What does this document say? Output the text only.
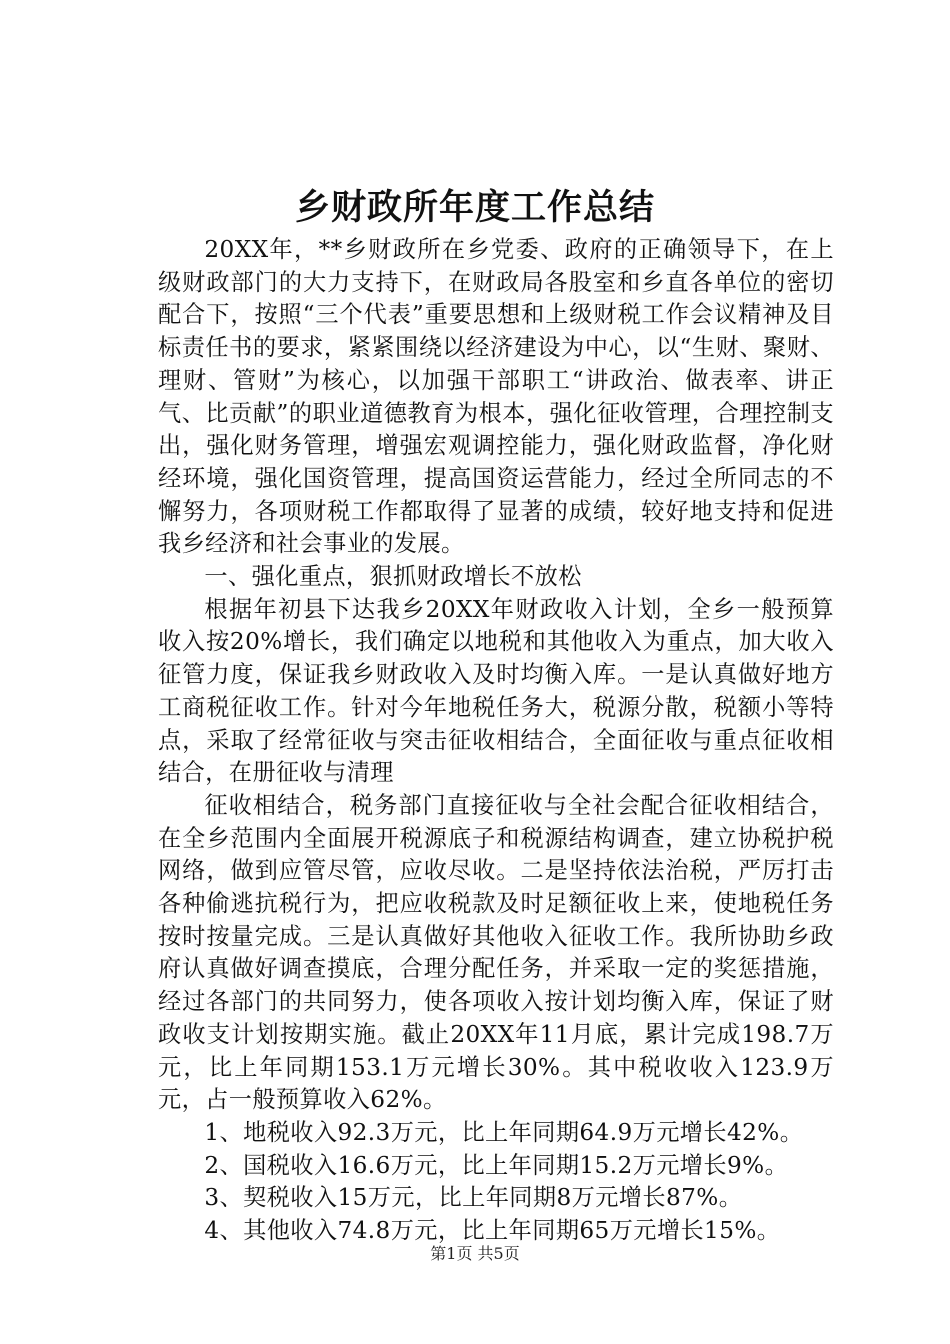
乡财政所年度工作总结

20XX年，**乡财政所在乡党委、政府的正确领导下，在上级财政部门的大力支持下，在财政局各股室和乡直各单位的密切配合下，按照“三个代表”重要思想和上级财税工作会议精神及目标责任书的要求，紧紧围绕以经济建设为中心，以“生财、聚财、理财、管财”为核心，以加强干部职工“讲政治、做表率、讲正气、比贡献”的职业道德教育为根本，强化征收管理，合理控制支出，强化财务管理，增强宏观调控能力，强化财政监督，净化财经环境，强化国资管理，提高国资运营能力，经过全所同志的不懈努力，各项财税工作都取得了显著的成绩，较好地支持和促进我乡经济和社会事业的发展。

一、强化重点，狠抓财政增长不放松

根据年初县下达我乡20XX年财政收入计划，全乡一般预算收入按20%增长，我们确定以地税和其他收入为重点，加大收入征管力度，保证我乡财政收入及时均衡入库。一是认真做好地方工商税征收工作。针对今年地税任务大，税源分散，税额小等特点，采取了经常征收与突击征收相结合，全面征收与重点征收相结合，在册征收与清理

征收相结合，税务部门直接征收与全社会配合征收相结合，在全乡范围内全面展开税源底子和税源结构调查，建立协税护税网络，做到应管尽管，应收尽收。二是坚持依法治税，严厉打击各种偷逃抗税行为，把应收税款及时足额征收上来，使地税任务按时按量完成。三是认真做好其他收入征收工作。我所协助乡政府认真做好调查摸底，合理分配任务，并采取一定的奖惩措施，经过各部门的共同努力，使各项收入按计划均衡入库，保证了财政收支计划按期实施。截止20XX年11月底，累计完成198.7万元，比上年同期153.1万元增长30%。其中税收收入123.9万元，占一般预算收入62%。

1、地税收入92.3万元，比上年同期64.9万元增长42%。

2、国税收入16.6万元，比上年同期15.2万元增长9%。

3、契税收入15万元，比上年同期8万元增长87%。

4、其他收入74.8万元，比上年同期65万元增长15%。

第1页 共5页
